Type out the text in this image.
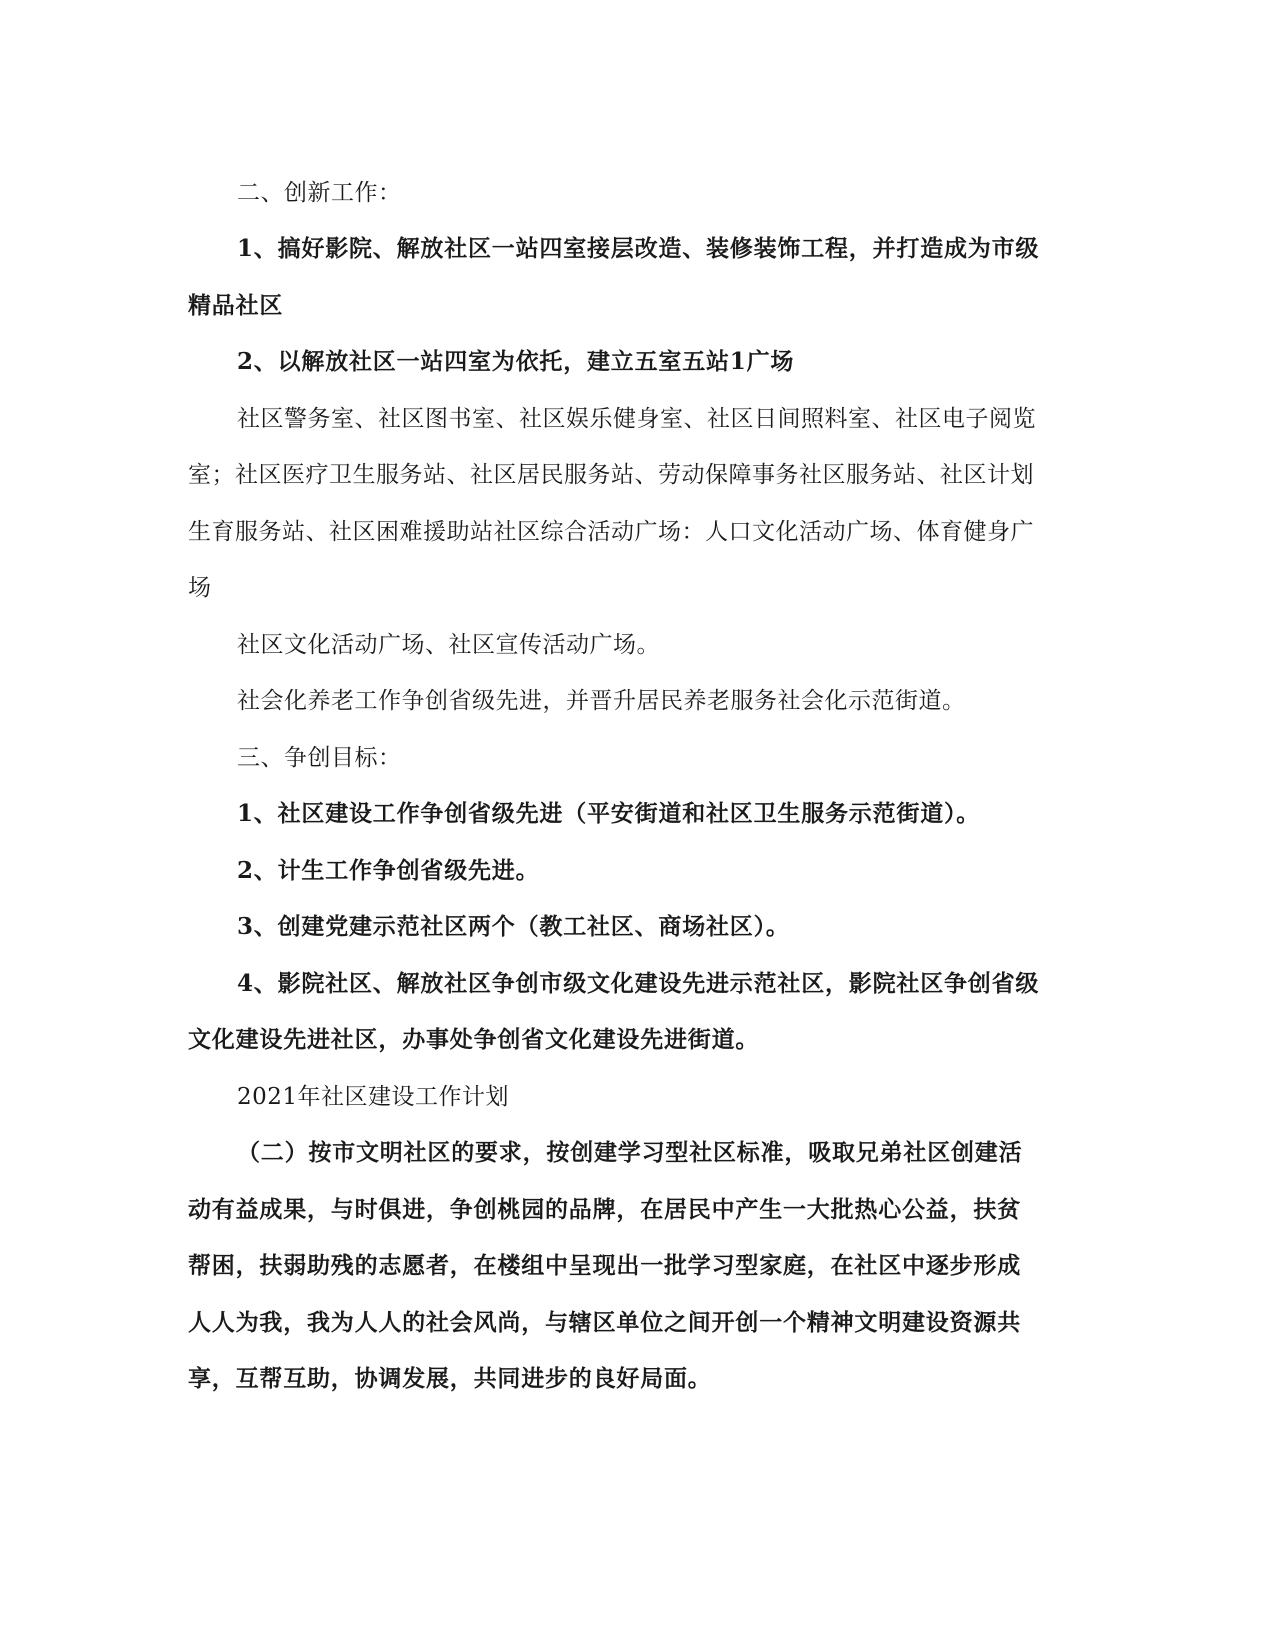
二、创新工作：
1、搞好影院、解放社区一站四室接层改造、装修装饰工程，并打造成为市级
精品社区
2、以解放社区一站四室为依托，建立五室五站1广场
社区警务室、社区图书室、社区娱乐健身室、社区日间照料室、社区电子阅览
室；社区医疗卫生服务站、社区居民服务站、劳动保障事务社区服务站、社区计划
生育服务站、社区困难援助站社区综合活动广场：人口文化活动广场、体育健身广
场
社区文化活动广场、社区宣传活动广场。
社会化养老工作争创省级先进，并晋升居民养老服务社会化示范街道。
三、争创目标：
1、社区建设工作争创省级先进（平安街道和社区卫生服务示范街道）。
2、计生工作争创省级先进。
3、创建党建示范社区两个（教工社区、商场社区）。
4、影院社区、解放社区争创市级文化建设先进示范社区，影院社区争创省级
文化建设先进社区，办事处争创省文化建设先进街道。
2021年社区建设工作计划
（二）按市文明社区的要求，按创建学习型社区标准，吸取兄弟社区创建活
动有益成果，与时俱进，争创桃园的品牌，在居民中产生一大批热心公益，扶贫
帮困，扶弱助残的志愿者，在楼组中呈现出一批学习型家庭，在社区中逐步形成
人人为我，我为人人的社会风尚，与辖区单位之间开创一个精神文明建设资源共
享，互帮互助，协调发展，共同进步的良好局面。
